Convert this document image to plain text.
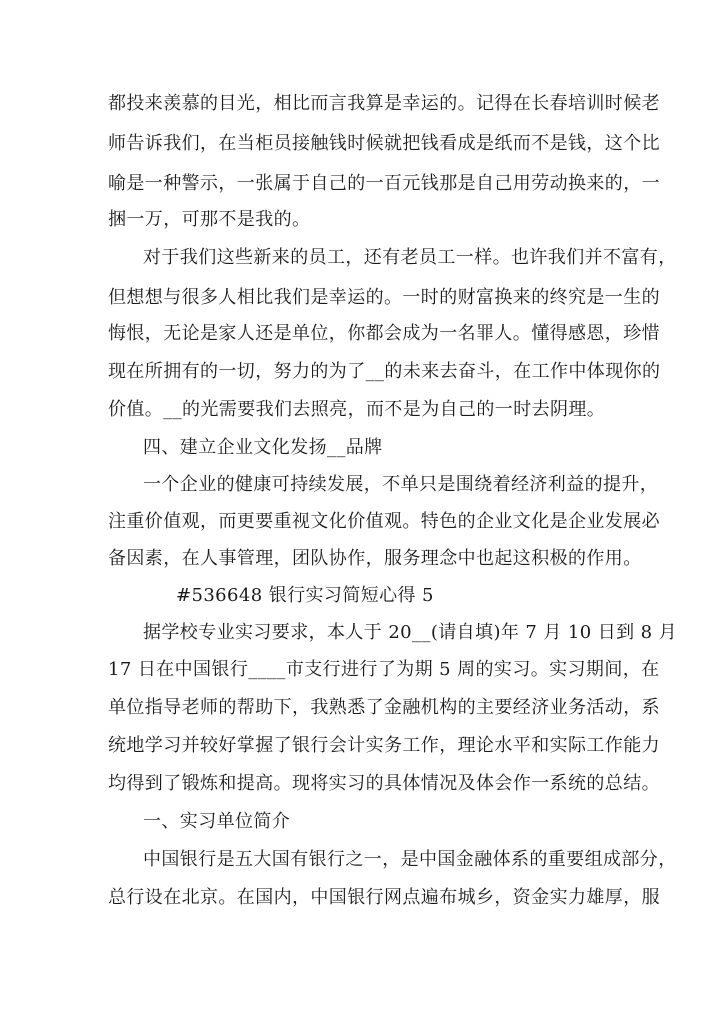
都投来羡慕的目光，相比而言我算是幸运的。记得在长春培训时候老
师告诉我们，在当柜员接触钱时候就把钱看成是纸而不是钱，这个比
喻是一种警示，一张属于自己的一百元钱那是自己用劳动换来的，一
捆一万，可那不是我的。
对于我们这些新来的员工，还有老员工一样。也许我们并不富有，
但想想与很多人相比我们是幸运的。一时的财富换来的终究是一生的
悔恨，无论是家人还是单位，你都会成为一名罪人。懂得感恩，珍惜
现在所拥有的一切，努力的为了__的未来去奋斗，在工作中体现你的
价值。__的光需要我们去照亮，而不是为自己的一时去阴理。
四、建立企业文化发扬__品牌
一个企业的健康可持续发展，不单只是围绕着经济利益的提升，
注重价值观，而更要重视文化价值观。特色的企业文化是企业发展必
备因素，在人事管理，团队协作，服务理念中也起这积极的作用。
#536648 银行实习简短心得 5
据学校专业实习要求，本人于 20__(请自填)年 7 月 10 日到 8 月
17 日在中国银行____市支行进行了为期 5 周的实习。实习期间，在
单位指导老师的帮助下，我熟悉了金融机构的主要经济业务活动，系
统地学习并较好掌握了银行会计实务工作，理论水平和实际工作能力
均得到了锻炼和提高。现将实习的具体情况及体会作一系统的总结。
一、实习单位简介
中国银行是五大国有银行之一，是中国金融体系的重要组成部分，
总行设在北京。在国内，中国银行网点遍布城乡，资金实力雄厚，服
